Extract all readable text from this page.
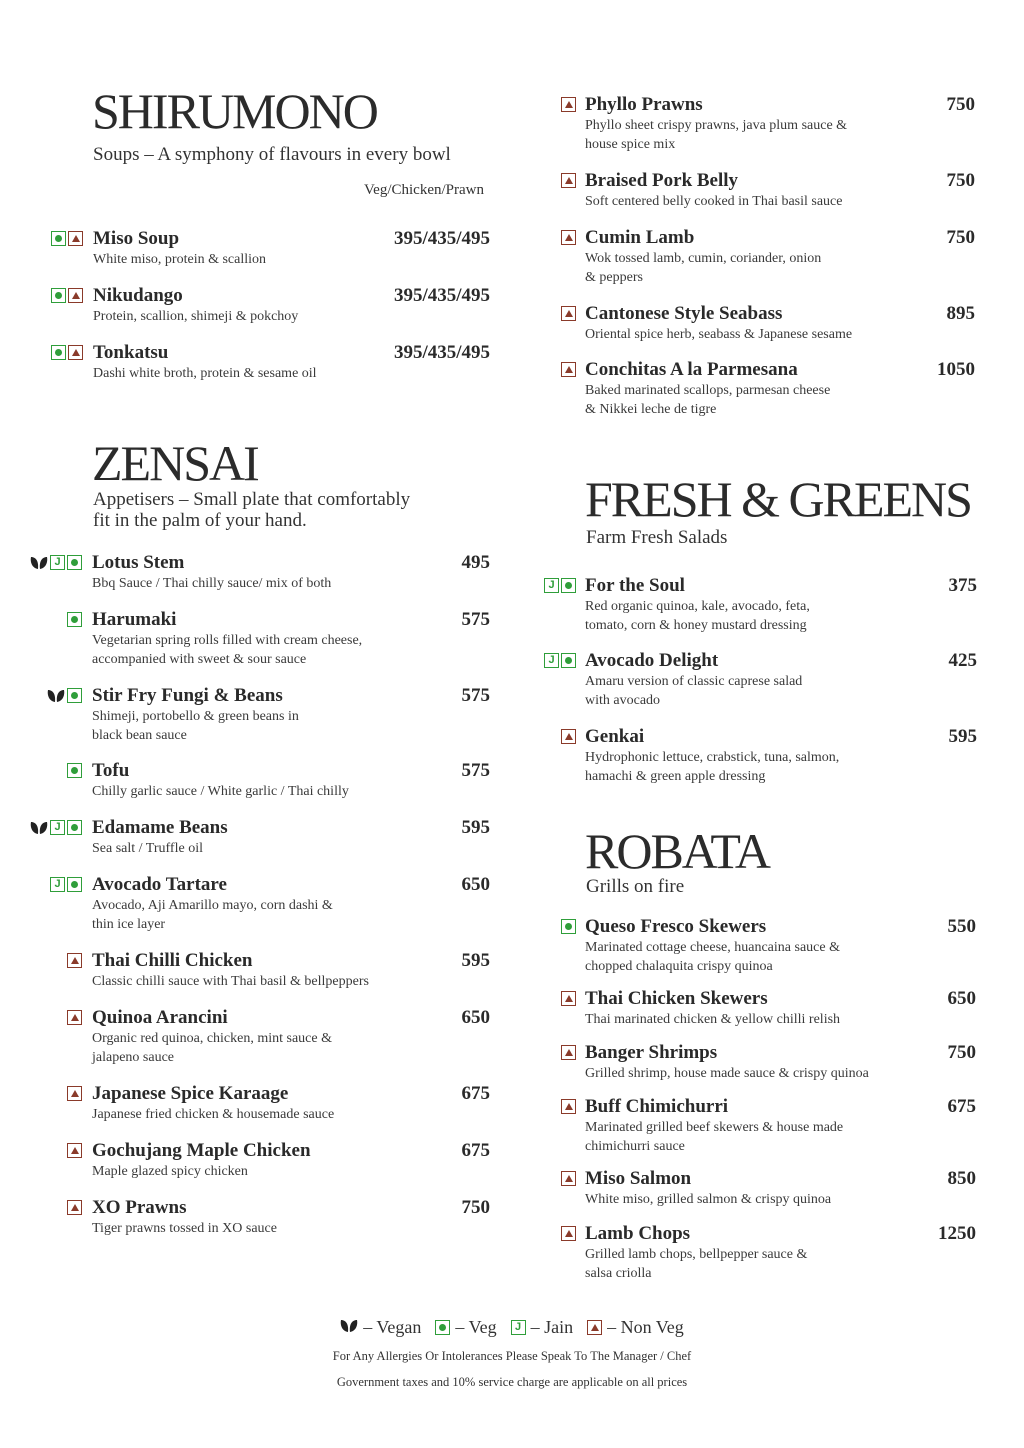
SHIRUMONO
Soups – A symphony of flavours in every bowl
Veg/Chicken/Prawn
Miso Soup	395/435/495
White miso, protein & scallion
Nikudango	395/435/495
Protein, scallion, shimeji & pokchoy
Tonkatsu	395/435/495
Dashi white broth, protein & sesame oil
ZENSAI
Appetisers – Small plate that comfortably
fit in the palm of your hand.
J Lotus Stem	495
Bbq Sauce / Thai chilly sauce/ mix of both
Harumaki	575
Vegetarian spring rolls filled with cream cheese,
accompanied with sweet & sour sauce
Stir Fry Fungi & Beans	575
Shimeji, portobello & green beans in
black bean sauce
Tofu	575
Chilly garlic sauce / White garlic / Thai chilly
J Edamame Beans	595
Sea salt / Truffle oil
J Avocado Tartare	650
Avocado, Aji Amarillo mayo, corn dashi &
thin ice layer
Thai Chilli Chicken	595
Classic chilli sauce with Thai basil & bellpeppers
Quinoa Arancini	650
Organic red quinoa, chicken, mint sauce &
jalapeno sauce
Japanese Spice Karaage	675
Japanese fried chicken & housemade sauce
Gochujang Maple Chicken	675
Maple glazed spicy chicken
XO Prawns	750
Tiger prawns tossed in XO sauce
Phyllo Prawns	750
Phyllo sheet crispy prawns, java plum sauce &
house spice mix
Braised Pork Belly	750
Soft centered belly cooked in Thai basil sauce
Cumin Lamb	750
Wok tossed lamb, cumin, coriander, onion
& peppers
Cantonese Style Seabass	895
Oriental spice herb, seabass & Japanese sesame
Conchitas A la Parmesana	1050
Baked marinated scallops, parmesan cheese
& Nikkei leche de tigre
FRESH & GREENS
Farm Fresh Salads
J For the Soul	375
Red organic quinoa, kale, avocado, feta,
tomato, corn & honey mustard dressing
J Avocado Delight	425
Amaru version of classic caprese salad
with avocado
Genkai	595
Hydrophonic lettuce, crabstick, tuna, salmon,
hamachi & green apple dressing
ROBATA
Grills on fire
Queso Fresco Skewers	550
Marinated cottage cheese, huancaina sauce &
chopped chalaquita crispy quinoa
Thai Chicken Skewers	650
Thai marinated chicken & yellow chilli relish
Banger Shrimps	750
Grilled shrimp, house made sauce & crispy quinoa
Buff Chimichurri	675
Marinated grilled beef skewers & house made
chimichurri sauce
Miso Salmon	850
White miso, grilled salmon & crispy quinoa
Lamb Chops	1250
Grilled lamb chops, bellpepper sauce &
salsa criolla
– Vegan – Veg	J – Jain – Non Veg
For Any Allergies Or Intolerances Please Speak To The Manager / Chef
Government taxes and 10% service charge are applicable on all prices
